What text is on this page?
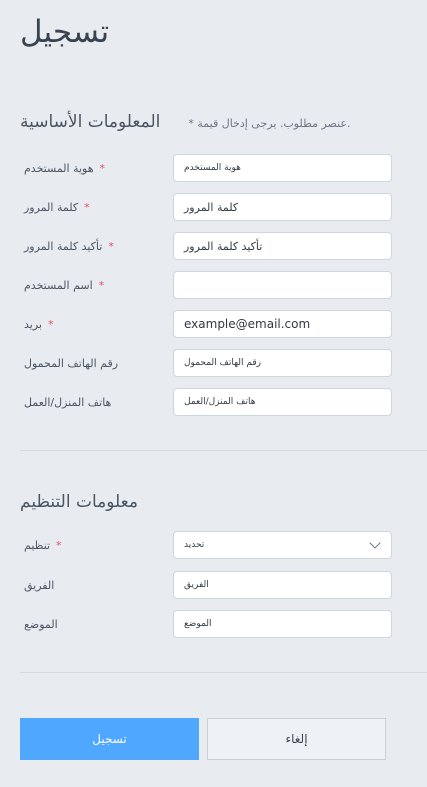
تسجيل
المعلومات الأساسية	.عنصر مطلوب. يرجى إدخال قيمة *
هوية المستخدم *	هوية المستخدم
كلمة المرور *	كلمة المرور
تأكيد كلمة المرور *	تأكيد كلمة المرور
اسم المستخدم *
بريد *	example@email.com
رقم الهاتف المحمول	رقم الهاتف المحمول
هاتف المنزل/العمل	هاتف المنزل/العمل
معلومات التنظيم
تنظيم *	تحديد
الفريق	الفريق
الموضع	الموضع
تسجيل	إلغاء
